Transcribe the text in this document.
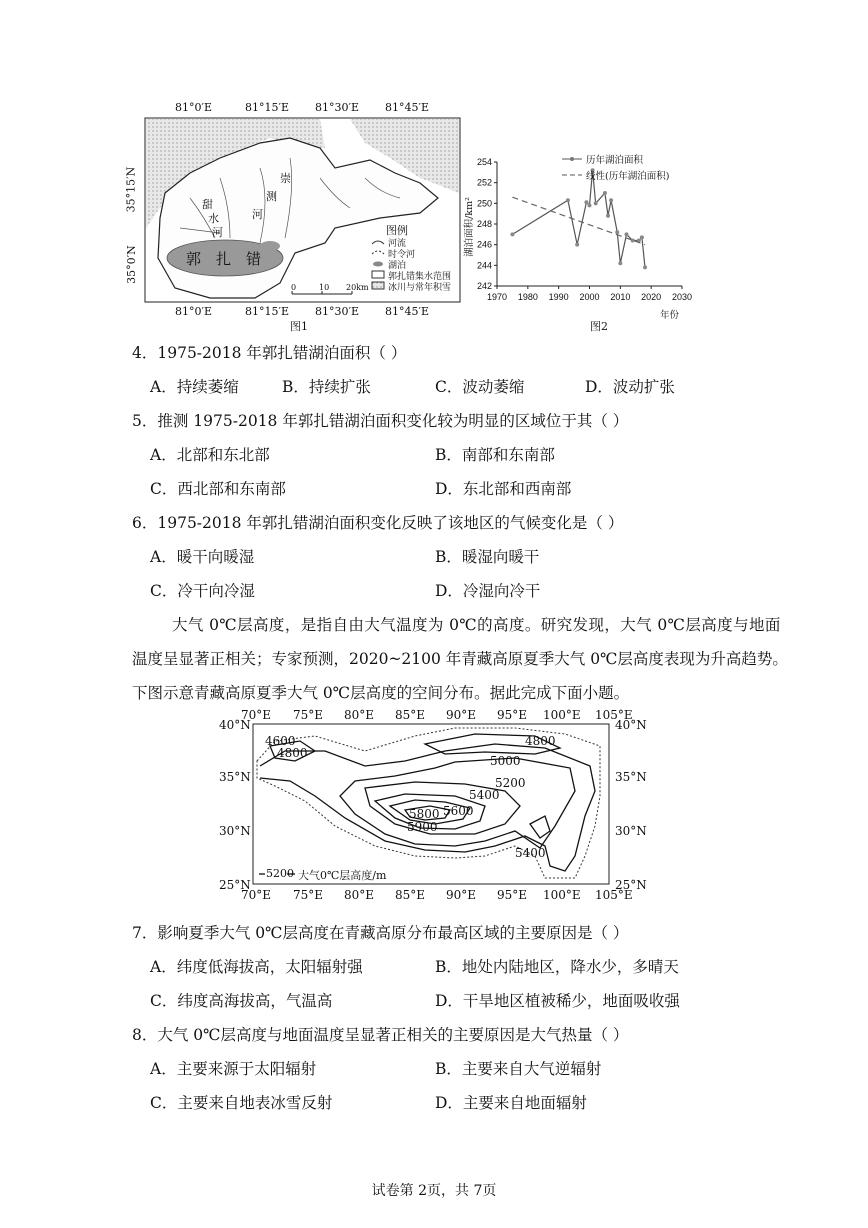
81°0′E	81°15′E 81°30′E 81°45′E
81°0′E	81°15′E 81°30′E 81°45′E
35°15′N
35°0′N	郭 扎 错
甜
水
河
崇
测
河
图例
河流
时令河
湖泊
郭扎错集水范围
冰川与常年积雪
0	10 20km
图1
1970 1980 1990 2000 2010 2020 2030
254
252
250
248
246
244
242
历年湖泊面积
线性(历年湖泊面积)
湖泊面积/km²
年份
图2
4．1975-2018 年郭扎错湖泊面积（ ）
A．持续萎缩	B．持续扩张	C．波动萎缩	D．波动扩张
5．推测 1975-2018 年郭扎错湖泊面积变化较为明显的区域位于其（ ）
A．北部和东北部	B．南部和东南部
C．西北部和东南部	D．东北部和西南部
6．1975-2018 年郭扎错湖泊面积变化反映了该地区的气候变化是（ ）
A．暖干向暖湿	B．暖湿向暖干
C．冷干向冷湿	D．冷湿向冷干
大气 0℃层高度，是指自由大气温度为 0℃的高度。研究发现，大气 0℃层高度与地面
温度呈显著正相关；专家预测，2020~2100 年青藏高原夏季大气 0℃层高度表现为升高趋势。
下图示意青藏高原夏季大气 0℃层高度的空间分布。据此完成下面小题。
4600
4800
4800
5000
5200
5400
5600
5800
5900
5400
70°E 75°E 80°E 85°E 90°E 95°E 100°E 105°E
70°E 75°E 80°E 85°E 90°E 95°E 100°E 105°E
40°N
35°N
30°N
25°N
40°N
35°N
30°N
25°N
5200 大气0℃层高度/m
7．影响夏季大气 0℃层高度在青藏高原分布最高区域的主要原因是（ ）
A．纬度低海拔高，太阳辐射强	B．地处内陆地区，降水少，多晴天
C．纬度高海拔高，气温高	D．干旱地区植被稀少，地面吸收强
8．大气 0℃层高度与地面温度呈显著正相关的主要原因是大气热量（ ）
A．主要来源于太阳辐射	B．主要来自大气逆辐射
C．主要来自地表冰雪反射	D．主要来自地面辐射
试卷第 2页，共 7页
